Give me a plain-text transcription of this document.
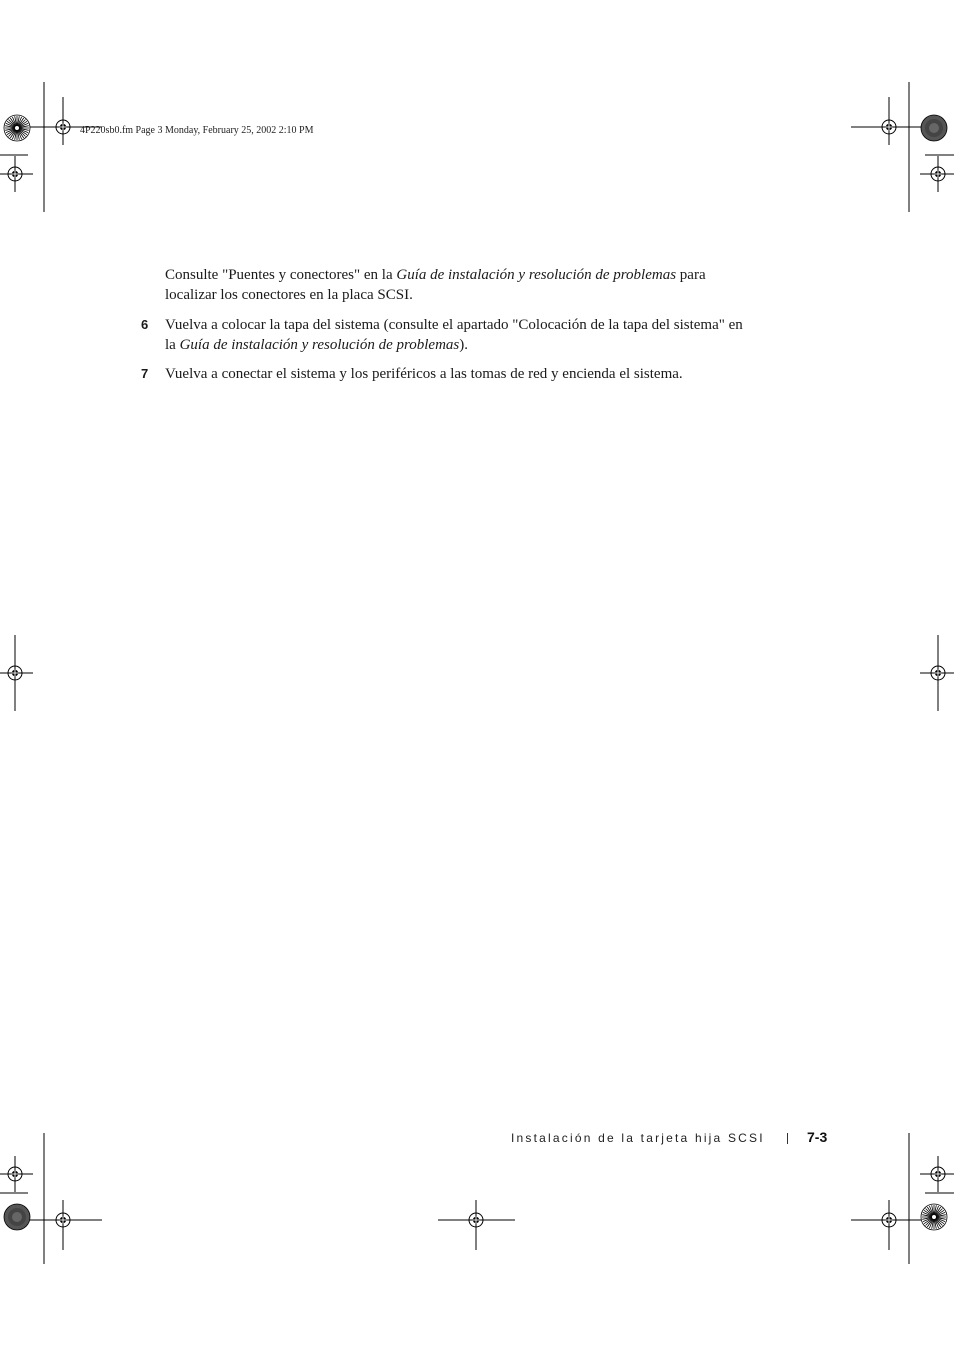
4P220sb0.fm Page 3 Monday, February 25, 2002 2:10 PM

Consulte "Puentes y conectores" en la Guía de instalación y resolución de problemas para localizar los conectores en la placa SCSI.

6 Vuelva a colocar la tapa del sistema (consulte el apartado "Colocación de la tapa del sistema" en la Guía de instalación y resolución de problemas).
7 Vuelva a conectar el sistema y los periféricos a las tomas de red y encienda el sistema.
Instalación de la tarjeta hija SCSI	7-3
